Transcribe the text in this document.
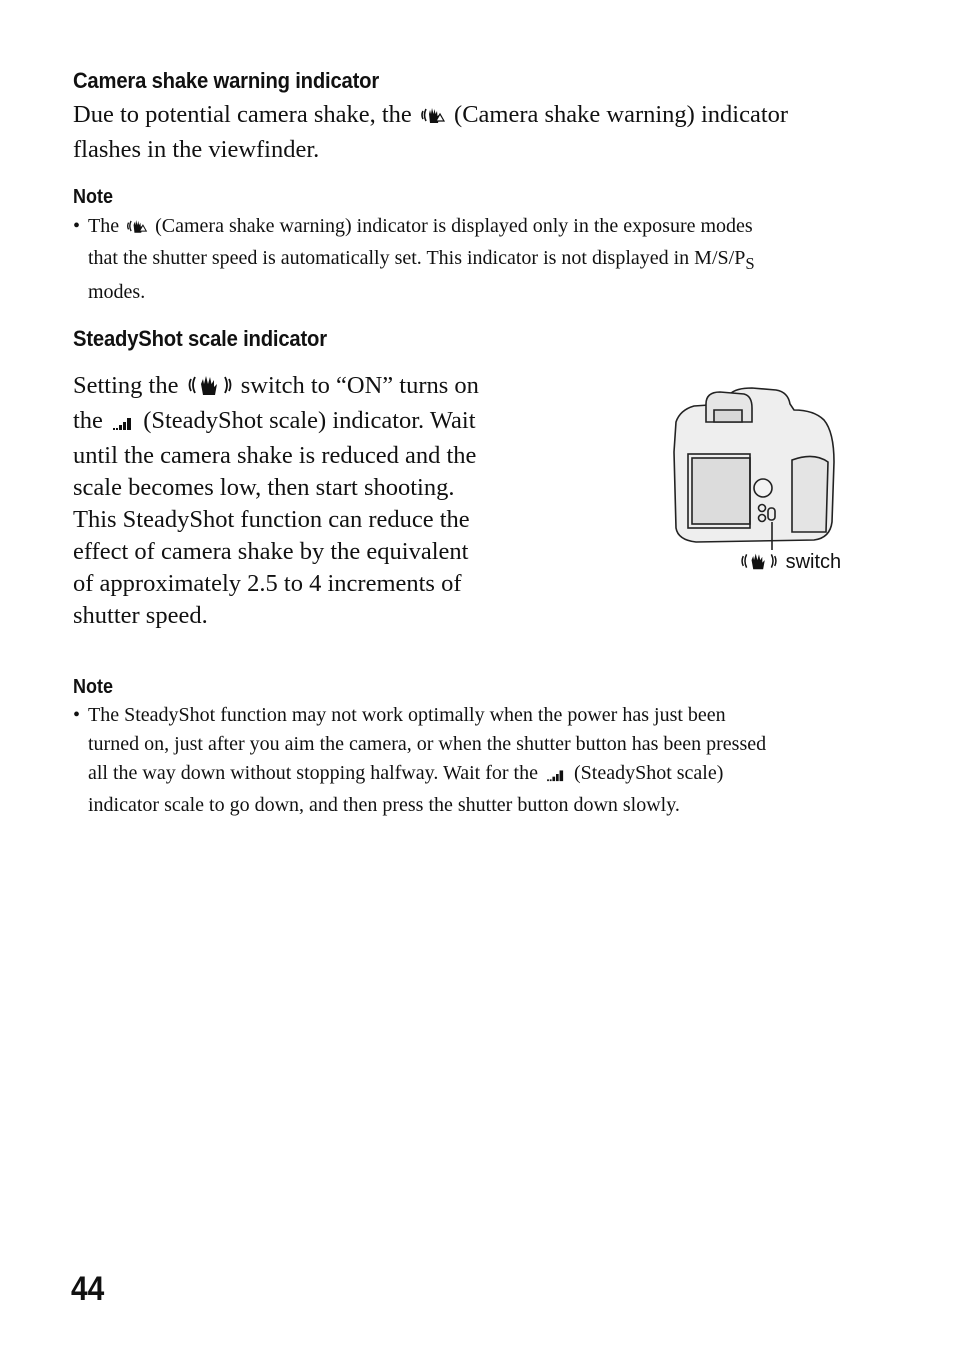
Camera shake warning indicator
Due to potential camera shake, the (Camera shake warning) indicator
flashes in the viewfinder.
Note
• The (Camera shake warning) indicator is displayed only in the exposure modes
that the shutter speed is automatically set. This indicator is not displayed in $M/S/P_S$
modes.
SteadyShot scale indicator
Setting the	switch to “ON” turns on
the (SteadyShot scale) indicator. Wait
until the camera shake is reduced and the
scale becomes low, then start shooting.
This SteadyShot function can reduce the
effect of camera shake by the equivalent
of approximately 2.5 to 4 increments of
shutter speed.
switch
Note
• The SteadyShot function may not work optimally when the power has just been
turned on, just after you aim the camera, or when the shutter button has been pressed
all the way down without stopping halfway. Wait for the (SteadyShot scale)
indicator scale to go down, and then press the shutter button down slowly.
44
